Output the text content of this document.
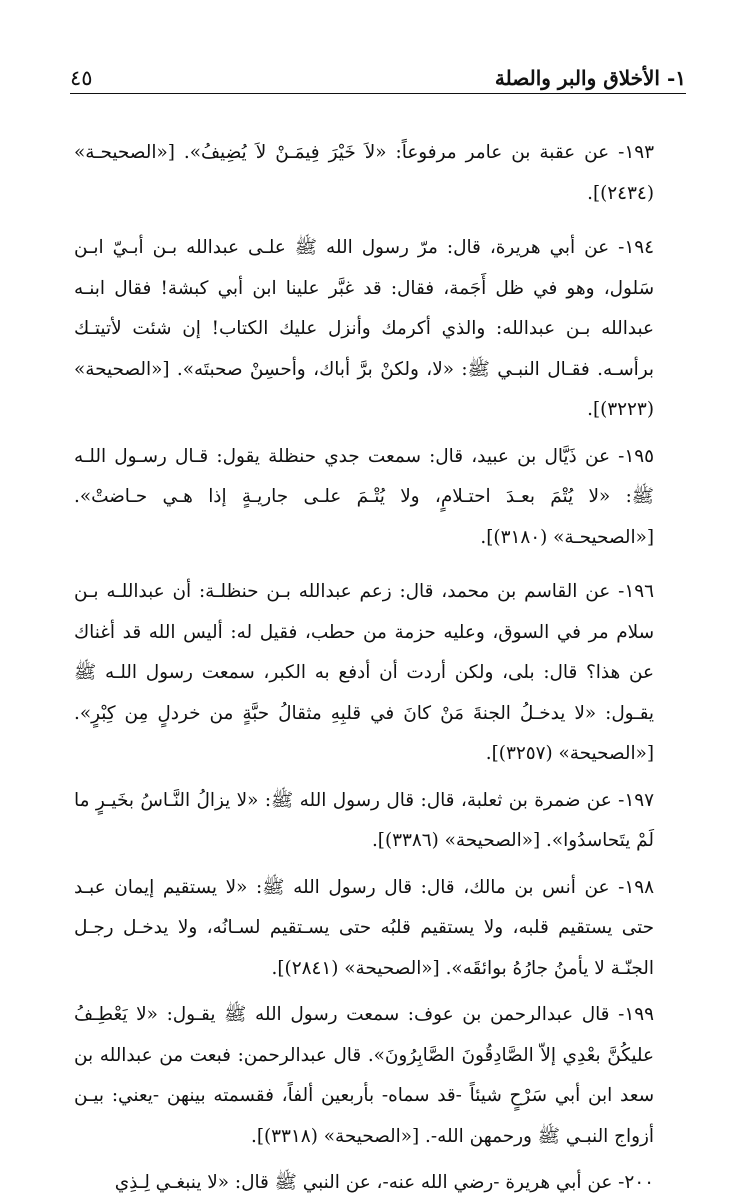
١- الأخلاق والبر والصلة
٤٥

١٩٣- عن عقبة بن عامر مرفوعاً: «لاَ خَيْرَ فِيمَـنْ لاَ يُضِيفُ». [«الصحيحـة» (٢٤٣٤)].

١٩٤- عن أبي هريرة، قال: مرّ رسول الله ﷺ علـى عبدالله بـن أبـيّ ابـن سَلول، وهو في ظل أَجَمة، فقال: قد غبَّر علينا ابن أبي كبشة! فقال ابنـه عبدالله بـن عبدالله: والذي أكرمك وأنزل عليك الكتاب! إن شئت لأتيتـك برأسـه. فقـال النبـي ﷺ: «لا، ولكنْ برَّ أباك، وأحسِنْ صحبتَه». [«الصحيحة» (٣٢٢٣)].

١٩٥- عن ذَيَّال بن عبيد، قال: سمعت جدي حنظلة يقول: قـال رسـول اللـه ﷺ: «لا يُتْمَ بعـدَ احتـلامٍ، ولا يُتْـمَ علـى جاريـةٍ إذا هـي حـاضتْ». [«الصحيحـة» (٣١٨٠)].

١٩٦- عن القاسم بن محمد، قال: زعم عبدالله بـن حنظلـة: أن عبداللـه بـن سلام مر في السوق، وعليه حزمة من حطب، فقيل له: أليس الله قد أغناك عن هذا؟ قال: بلى، ولكن أردت أن أدفع به الكبر، سمعت رسول اللـه ﷺ يقـول: «لا يدخـلُ الجنةَ مَنْ كانَ في قلبِهِ مثقالُ حبَّةٍ من خردلٍ مِن كِبْرٍ». [«الصحيحة» (٣٢٥٧)].

١٩٧- عن ضمرة بن ثعلبة، قال: قال رسول الله ﷺ: «لا يزالُ النَّـاسُ بخَيـرٍ ما لَمْ يتَحاسدُوا». [«الصحيحة» (٣٣٨٦)].

١٩٨- عن أنس بن مالك، قال: قال رسول الله ﷺ: «لا يستقيم إيمان عبـد حتى يستقيم قلبه، ولا يستقيم قلبُه حتى يسـتقيم لسـانُه، ولا يدخـل رجـل الجنّـة لا يأمنُ جارُهُ بوائقَه». [«الصحيحة» (٢٨٤١)].

١٩٩- قال عبدالرحمن بن عوف: سمعت رسول الله ﷺ يقـول: «لا يَعْطِـفُ عليكُنَّ بعْدِي إلاّ الصَّادِقُونَ الصَّابِرُونَ». قال عبدالرحمن: فبعت من عبدالله بن سعد ابن أبي سَرْحٍ شيئاً -قد سماه- بأربعين ألفاً، فقسمته بينهن -يعني: بيـن أزواج النبـي ﷺ ورحمهن الله-. [«الصحيحة» (٣٣١٨)].

٢٠٠- عن أبي هريرة -رضي الله عنه-، عن النبي ﷺ قال: «لا ينبغـي لِـذِي
